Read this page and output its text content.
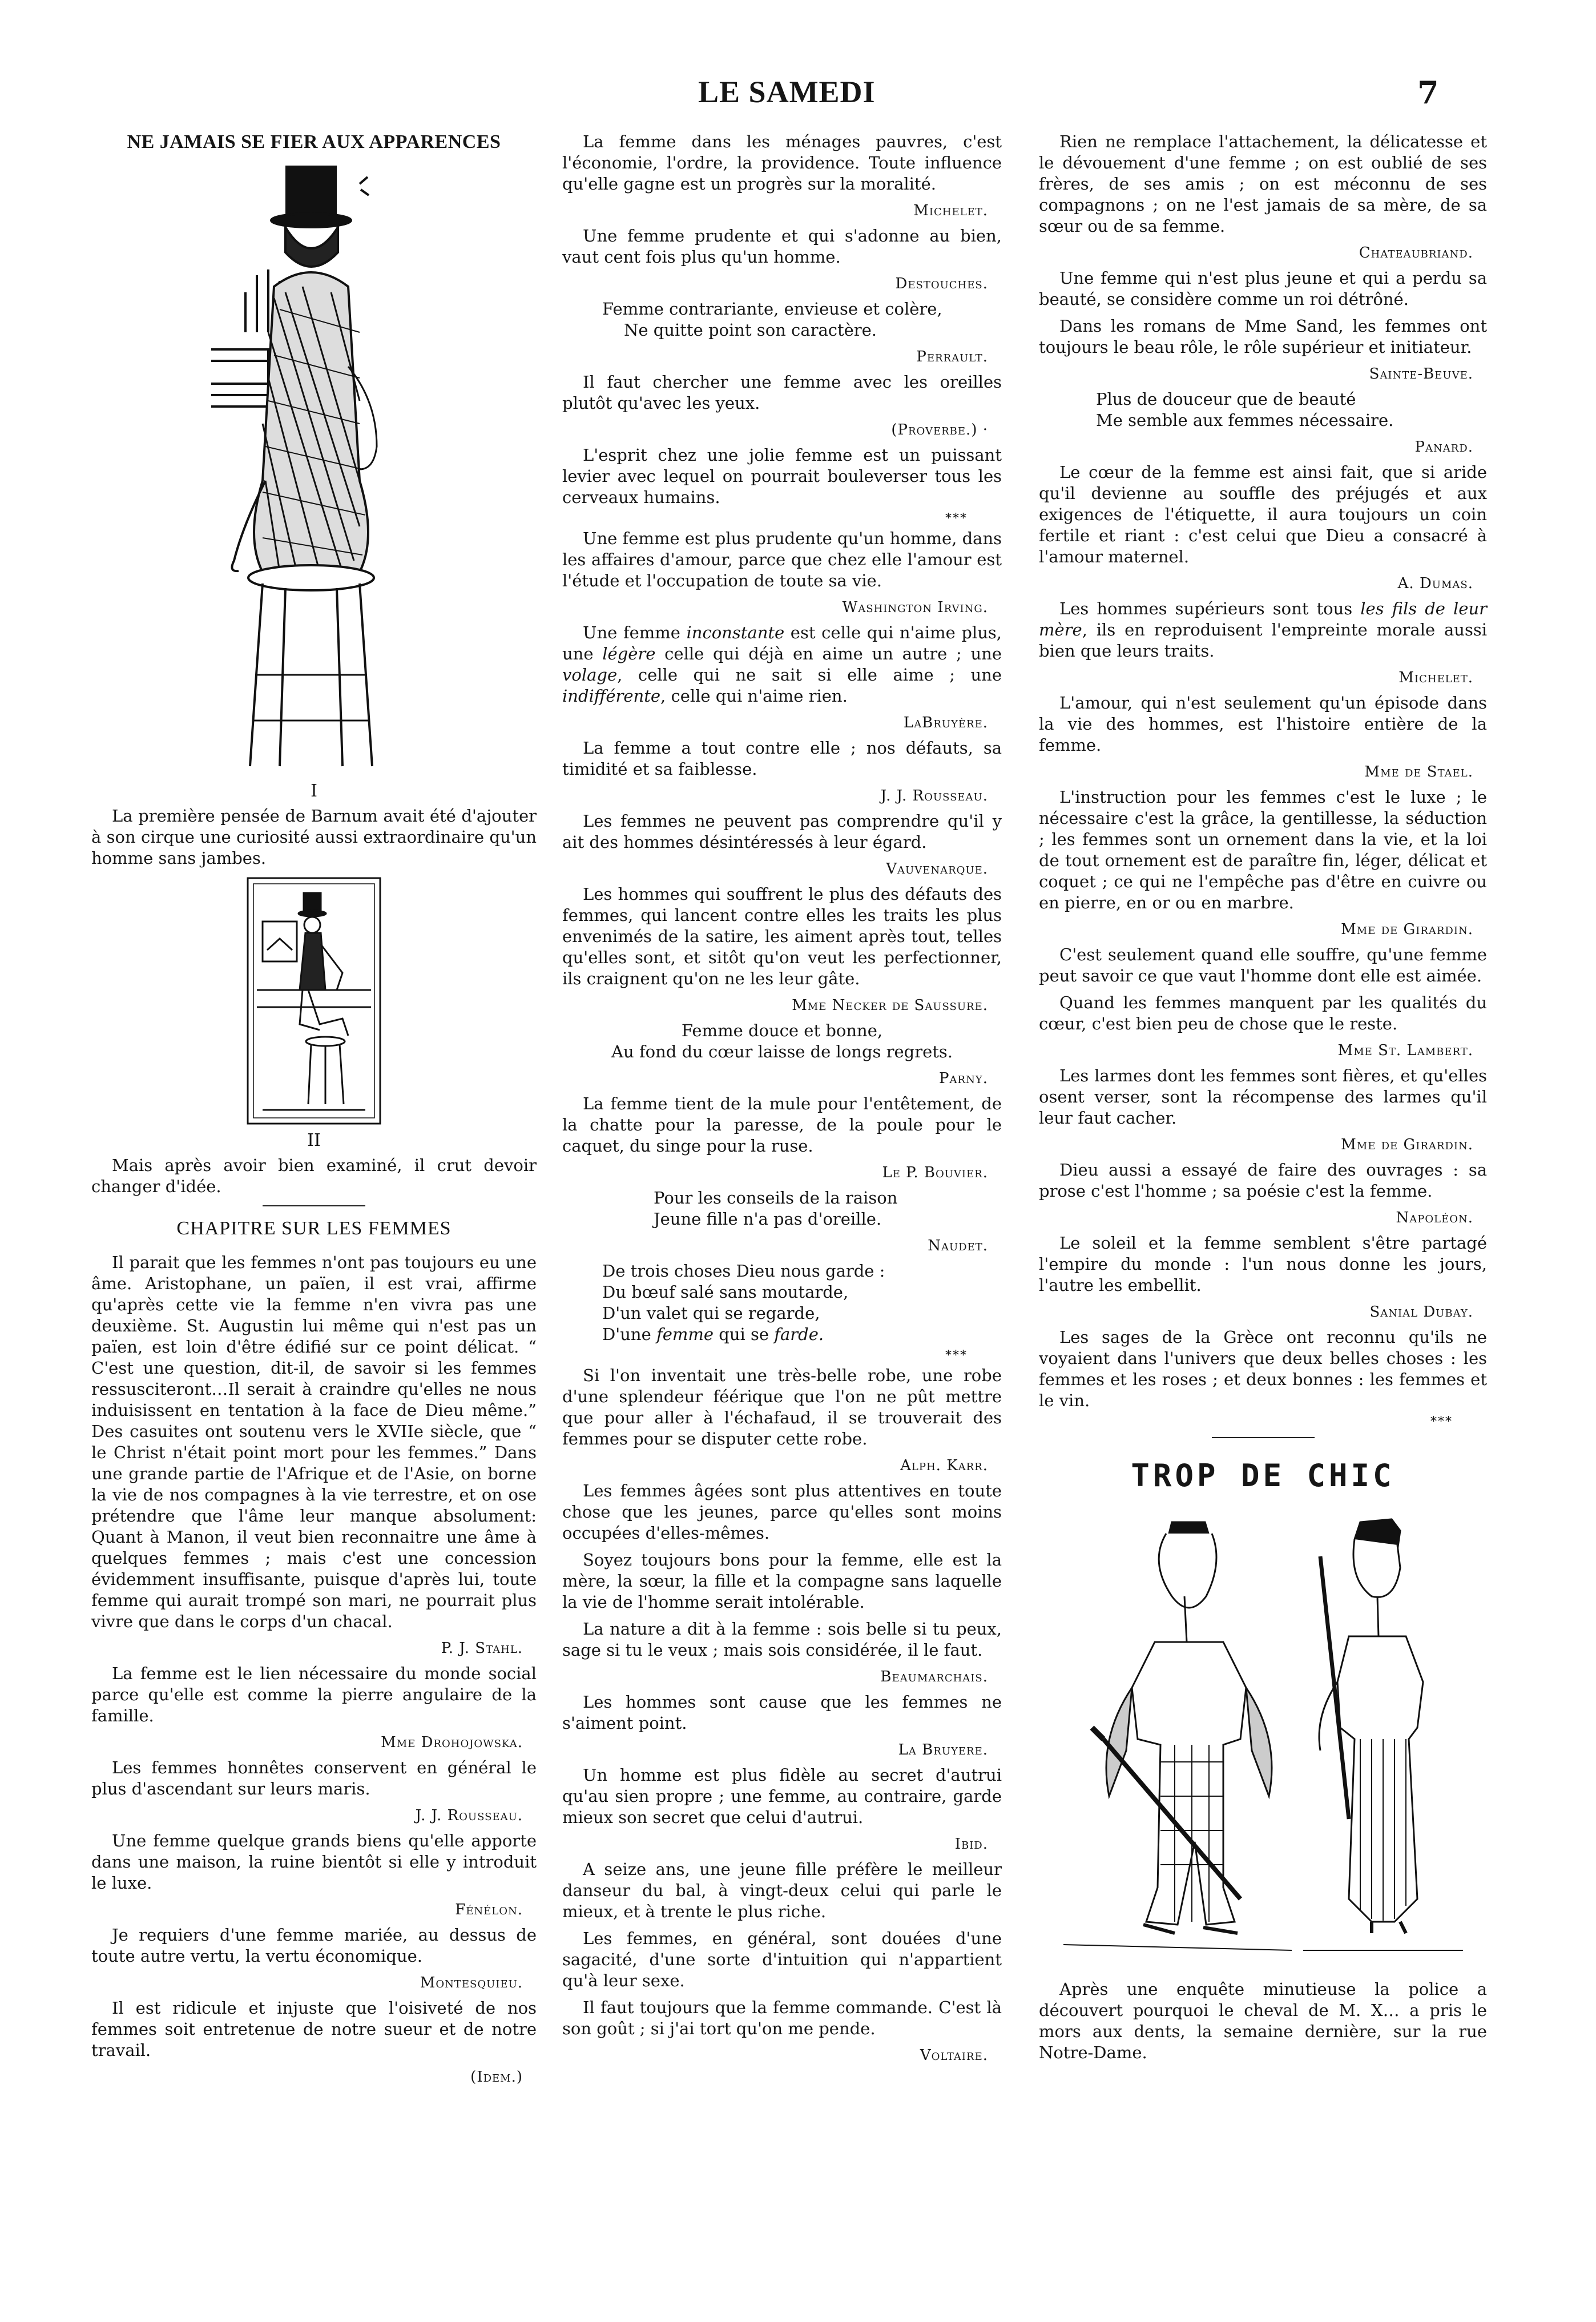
LE SAMEDI	7
NE JAMAIS SE FIER AUX APPARENCES
I

La première pensée de Barnum avait été d'ajouter à son cirque une curiosité aussi extraordinaire qu'un homme sans jambes.

II

Mais après avoir bien examiné, il crut devoir changer d'idée.

CHAPITRE SUR LES FEMMES

Il parait que les femmes n'ont pas toujours eu une âme. Aristophane, un païen, il est vrai, affirme qu'après cette vie la femme n'en vivra pas une deuxième. St. Augustin lui même qui n'est pas un païen, est loin d'être édifié sur ce point délicat. “ C'est une question, dit-il, de savoir si les femmes ressusciteront…Il serait à craindre qu'elles ne nous induisissent en tentation à la face de Dieu même.” Des casuites ont soutenu vers le XVIIe siècle, que “ le Christ n'était point mort pour les femmes.” Dans une grande partie de l'Afrique et de l'Asie, on borne la vie de nos compagnes à la vie terrestre, et on ose prétendre que l'âme leur manque absolument: Quant à Manon, il veut bien reconnaitre une âme à quelques femmes ; mais c'est une concession évidemment insuffisante, puisque d'après lui, toute femme qui aurait trompé son mari, ne pourrait plus vivre que dans le corps d'un chacal.

P. J. Stahl.

La femme est le lien nécessaire du monde social parce qu'elle est comme la pierre angulaire de la famille.

Mme Drohojowska.

Les femmes honnêtes conservent en général le plus d'ascendant sur leurs maris.

J. J. Rousseau.

Une femme quelque grands biens qu'elle apporte dans une maison, la ruine bientôt si elle y introduit le luxe.

Fénélon.

Je requiers d'une femme mariée, au dessus de toute autre vertu, la vertu économique.

Montesquieu.

Il est ridicule et injuste que l'oisiveté de nos femmes soit entretenue de notre sueur et de notre travail.

(Idem.)

La femme dans les ménages pauvres, c'est l'économie, l'ordre, la providence. Toute influence qu'elle gagne est un progrès sur la moralité.

Michelet.

Une femme prudente et qui s'adonne au bien, vaut cent fois plus qu'un homme.

Destouches.
Femme contrariante, envieuse et colère,
Ne quitte point son caractère.
Perrault.

Il faut chercher une femme avec les oreilles plutôt qu'avec les yeux.

(Proverbe.) ·

L'esprit chez une jolie femme est un puissant levier avec lequel on pourrait bouleverser tous les cerveaux humains.

***

Une femme est plus prudente qu'un homme, dans les affaires d'amour, parce que chez elle l'amour est l'étude et l'occupation de toute sa vie.

Washington Irving.

Une femme inconstante est celle qui n'aime plus, une légère celle qui déjà en aime un autre ; une volage, celle qui ne sait si elle aime ; une indifférente, celle qui n'aime rien.

LaBruyère.

La femme a tout contre elle ; nos défauts, sa timidité et sa faiblesse.

J. J. Rousseau.

Les femmes ne peuvent pas comprendre qu'il y ait des hommes désintéressés à leur égard.

Vauvenarque.

Les hommes qui souffrent le plus des défauts des femmes, qui lancent contre elles les traits les plus envenimés de la satire, les aiment après tout, telles qu'elles sont, et sitôt qu'on veut les perfectionner, ils craignent qu'on ne les leur gâte.

Mme Necker de Saussure.
Femme douce et bonne,
Au fond du cœur laisse de longs regrets.
Parny.

La femme tient de la mule pour l'entêtement, de la chatte pour la paresse, de la poule pour le caquet, du singe pour la ruse.

Le P. Bouvier.
Pour les conseils de la raison
Jeune fille n'a pas d'oreille.
Naudet.
De trois choses Dieu nous garde :
Du bœuf salé sans moutarde,
D'un valet qui se regarde,
D'une femme qui se farde.
***

Si l'on inventait une très-belle robe, une robe d'une splendeur féérique que l'on ne pût mettre que pour aller à l'échafaud, il se trouverait des femmes pour se disputer cette robe.

Alph. Karr.

Les femmes âgées sont plus attentives en toute chose que les jeunes, parce qu'elles sont moins occupées d'elles-mêmes.

Soyez toujours bons pour la femme, elle est la mère, la sœur, la fille et la compagne sans laquelle la vie de l'homme serait intolérable.

La nature a dit à la femme : sois belle si tu peux, sage si tu le veux ; mais sois considérée, il le faut.

Beaumarchais.

Les hommes sont cause que les femmes ne s'aiment point.

La Bruyere.

Un homme est plus fidèle au secret d'autrui qu'au sien propre ; une femme, au contraire, garde mieux son secret que celui d'autrui.

Ibid.

A seize ans, une jeune fille préfère le meilleur danseur du bal, à vingt-deux celui qui parle le mieux, et à trente le plus riche.

Les femmes, en général, sont douées d'une sagacité, d'une sorte d'intuition qui n'appartient qu'à leur sexe.

Il faut toujours que la femme commande. C'est là son goût ; si j'ai tort qu'on me pende.

Voltaire.

Rien ne remplace l'attachement, la délicatesse et le dévouement d'une femme ; on est oublié de ses frères, de ses amis ; on est méconnu de ses compagnons ; on ne l'est jamais de sa mère, de sa sœur ou de sa femme.

Chateaubriand.

Une femme qui n'est plus jeune et qui a perdu sa beauté, se considère comme un roi détrôné.

Dans les romans de Mme Sand, les femmes ont toujours le beau rôle, le rôle supérieur et initiateur.

Sainte-Beuve.
Plus de douceur que de beauté
Me semble aux femmes nécessaire.
Panard.

Le cœur de la femme est ainsi fait, que si aride qu'il devienne au souffle des préjugés et aux exigences de l'étiquette, il aura toujours un coin fertile et riant : c'est celui que Dieu a consacré à l'amour maternel.

A. Dumas.

Les hommes supérieurs sont tous les fils de leur mère, ils en reproduisent l'empreinte morale aussi bien que leurs traits.

Michelet.

L'amour, qui n'est seulement qu'un épisode dans la vie des hommes, est l'histoire entière de la femme.

Mme de Stael.

L'instruction pour les femmes c'est le luxe ; le nécessaire c'est la grâce, la gentillesse, la séduction ; les femmes sont un ornement dans la vie, et la loi de tout ornement est de paraître fin, léger, délicat et coquet ; ce qui ne l'empêche pas d'être en cuivre ou en pierre, en or ou en marbre.

Mme de Girardin.

C'est seulement quand elle souffre, qu'une femme peut savoir ce que vaut l'homme dont elle est aimée.

Quand les femmes manquent par les qualités du cœur, c'est bien peu de chose que le reste.

Mme St. Lambert.

Les larmes dont les femmes sont fières, et qu'elles osent verser, sont la récompense des larmes qu'il leur faut cacher.

Mme de Girardin.

Dieu aussi a essayé de faire des ouvrages : sa prose c'est l'homme ; sa poésie c'est la femme.

Napoléon.

Le soleil et la femme semblent s'être partagé l'empire du monde : l'un nous donne les jours, l'autre les embellit.

Sanial Dubay.

Les sages de la Grèce ont reconnu qu'ils ne voyaient dans l'univers que deux belles choses : les femmes et les roses ; et deux bonnes : les femmes et le vin.

***
TROP DE CHIC

Après une enquête minutieuse la police a découvert pourquoi le cheval de M. X… a pris le mors aux dents, la semaine dernière, sur la rue Notre-Dame.
